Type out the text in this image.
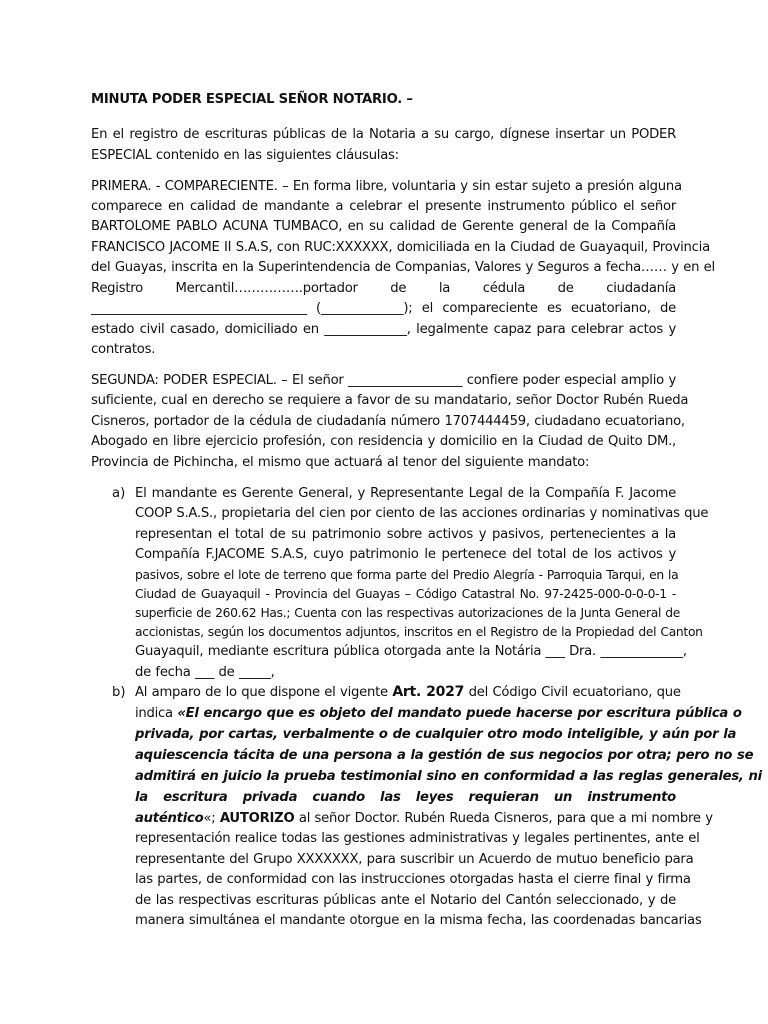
MINUTA PODER ESPECIAL SEÑOR NOTARIO. –
En el registro de escrituras públicas de la Notaria a su cargo, dígnese insertar un PODER
ESPECIAL contenido en las siguientes cláusulas:
PRIMERA. - COMPARECIENTE. – En forma libre, voluntaria y sin estar sujeto a presión alguna
comparece en calidad de mandante a celebrar el presente instrumento público el señor
BARTOLOME PABLO ACUNA TUMBACO, en su calidad de Gerente general de la Compañía
FRANCISCO JACOME II S.A.S, con RUC:XXXXXX, domiciliada en la Ciudad de Guayaquil, Provincia
del Guayas, inscrita en la Superintendencia de Companias, Valores y Seguros a fecha…… y en el
Registro Mercantil…………….portador de la cédula de ciudadanía
__________________________________ (_____________); el compareciente es ecuatoriano, de
estado civil casado, domiciliado en _____________, legalmente capaz para celebrar actos y
contratos.
SEGUNDA: PODER ESPECIAL. – El señor __________________ confiere poder especial amplio y
suficiente, cual en derecho se requiere a favor de su mandatario, señor Doctor Rubén Rueda
Cisneros, portador de la cédula de ciudadanía número 1707444459, ciudadano ecuatoriano,
Abogado en libre ejercicio profesión, con residencia y domicilio en la Ciudad de Quito DM.,
Provincia de Pichincha, el mismo que actuará al tenor del siguiente mandato:
a) El mandante es Gerente General, y Representante Legal de la Compañía F. Jacome
COOP S.A.S., propietaria del cien por ciento de las acciones ordinarias y nominativas que
representan el total de su patrimonio sobre activos y pasivos, pertenecientes a la
Compañía F.JACOME S.A.S, cuyo patrimonio le pertenece del total de los activos y
pasivos, sobre el lote de terreno que forma parte del Predio Alegría - Parroquia Tarqui, en la
Ciudad de Guayaquil - Provincia del Guayas – Código Catastral No. 97-2425-000-0-0-0-1 -
superficie de 260.62 Has.; Cuenta con las respectivas autorizaciones de la Junta General de
accionistas, según los documentos adjuntos, inscritos en el Registro de la Propiedad del Canton
Guayaquil, mediante escritura pública otorgada ante la Notária ___ Dra. _____________,
de fecha ___ de _____,
b) Al amparo de lo que dispone el vigente Art. 2027 del Código Civil ecuatoriano, que
indica «El encargo que es objeto del mandato puede hacerse por escritura pública o
privada, por cartas, verbalmente o de cualquier otro modo inteligible, y aún por la
aquiescencia tácita de una persona a la gestión de sus negocios por otra; pero no se
admitirá en juicio la prueba testimonial sino en conformidad a las reglas generales, ni
la escritura privada cuando las leyes requieran un instrumento
auténtico«; AUTORIZO al señor Doctor. Rubén Rueda Cisneros, para que a mi nombre y
representación realice todas las gestiones administrativas y legales pertinentes, ante el
representante del Grupo XXXXXXX, para suscribir un Acuerdo de mutuo beneficio para
las partes, de conformidad con las instrucciones otorgadas hasta el cierre final y firma
de las respectivas escrituras públicas ante el Notario del Cantón seleccionado, y de
manera simultánea el mandante otorgue en la misma fecha, las coordenadas bancarias
